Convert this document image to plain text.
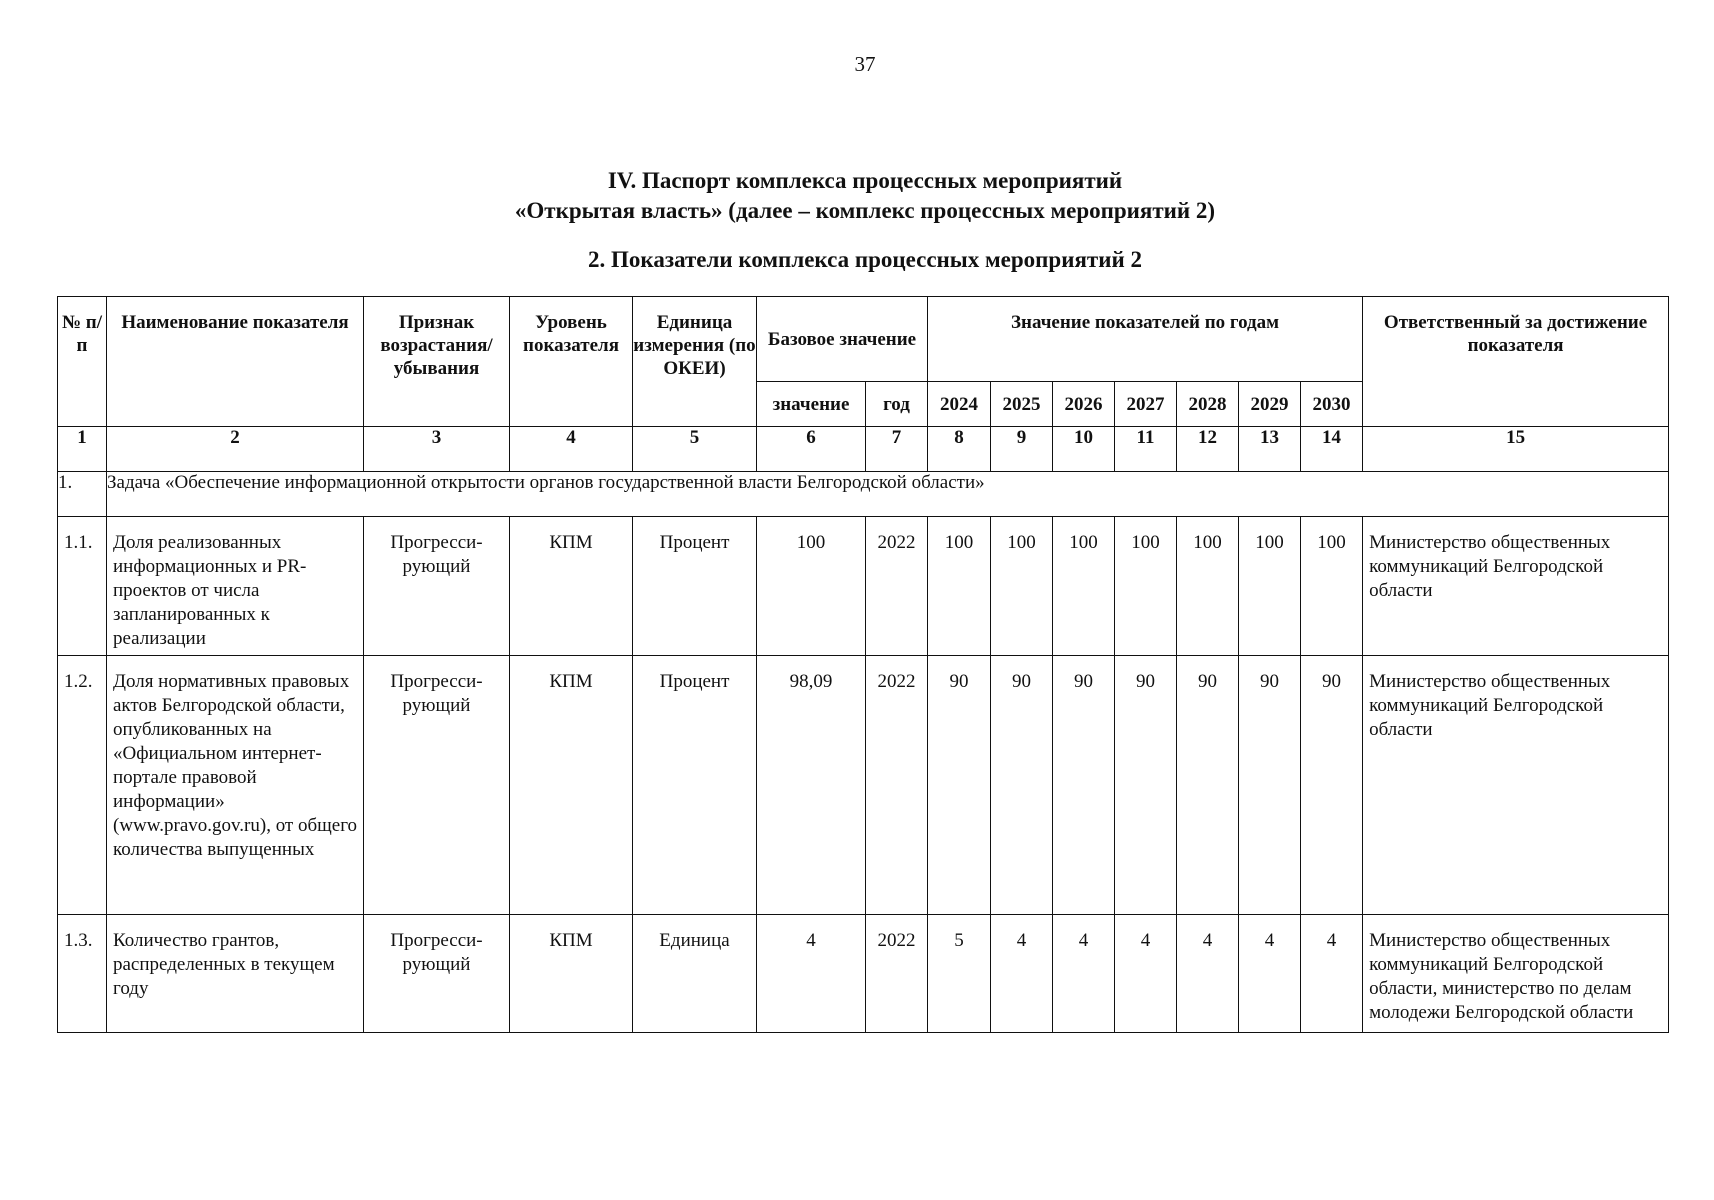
37
IV. Паспорт комплекса процессных мероприятий
«Открытая власть» (далее – комплекс процессных мероприятий 2)
2. Показатели комплекса процессных мероприятий 2
№ п/п	Наименование показателя	Признак возрастания/ убывания	Уровень показателя	Единица измерения (по ОКЕИ)	Базовое значение		Значение показателей по годам							Ответственный за достижение показателя
					значение	год	2024	2025	2026	2027	2028	2029	2030	
1	2	3	4	5	6	7	8	9	10	11	12	13	14	15
1.	Задача «Обеспечение информационной открытости органов государственной власти Белгородской области»													

1.1.	Доля реализованных информационных и PR-проектов от числа запланированных к реализации	Прогресси-рующий	КПМ	Процент	100	2022	100	100	100	100	100	100	100	Министерство общественных коммуникаций Белгородской области

1.2.	Доля нормативных правовых актов Белгородской области, опубликованных на «Официальном интернет-портале правовой информации» (www.pravo.gov.ru), от общего количества выпущенных	Прогресси-рующий	КПМ	Процент	98,09	2022	90	90	90	90	90	90	90	Министерство общественных коммуникаций Белгородской области

1.3.	Количество грантов, распределенных в текущем году	Прогресси-рующий	КПМ	Единица	4	2022	5	4	4	4	4	4	4	Министерство общественных коммуникаций Белгородской области, министерство по делам молодежи Белгородской области
